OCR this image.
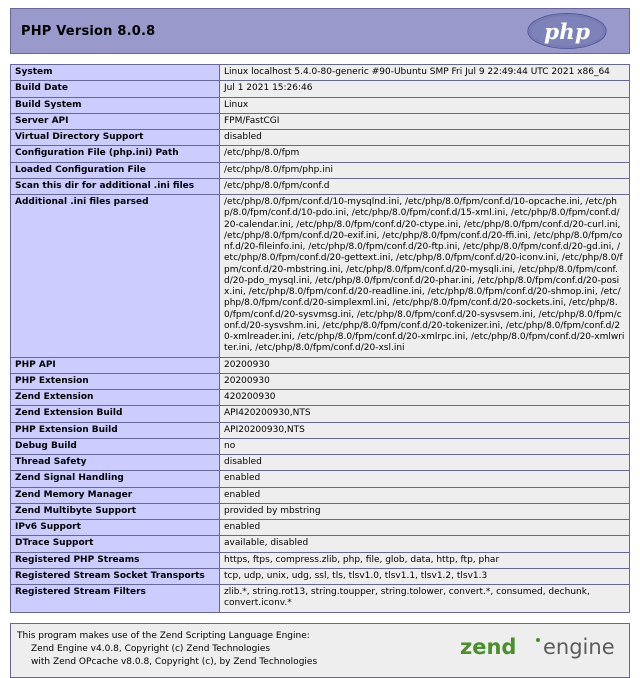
PHP Version 8.0.8	php
System	Linux localhost 5.4.0-80-generic #90-Ubuntu SMP Fri Jul 9 22:49:44 UTC 2021 x86_64
Build Date	Jul 1 2021 15:26:46
Build System	Linux
Server API	FPM/FastCGI
Virtual Directory Support	disabled
Configuration File (php.ini) Path	/etc/php/8.0/fpm
Loaded Configuration File	/etc/php/8.0/fpm/php.ini
Scan this dir for additional .ini files	/etc/php/8.0/fpm/conf.d
Additional .ini files parsed	/etc/php/8.0/fpm/conf.d/10-mysqlnd.ini, /etc/php/8.0/fpm/conf.d/10-opcache.ini, /etc/php/8.0/fpm/conf.d/10-pdo.ini, /etc/php/8.0/fpm/conf.d/15-xml.ini, /etc/php/8.0/fpm/conf.d/20-calendar.ini, /etc/php/8.0/fpm/conf.d/20-ctype.ini, /etc/php/8.0/fpm/conf.d/20-curl.ini, /etc/php/8.0/fpm/conf.d/20-exif.ini, /etc/php/8.0/fpm/conf.d/20-ffi.ini, /etc/php/8.0/fpm/conf.d/20-fileinfo.ini, /etc/php/8.0/fpm/conf.d/20-ftp.ini, /etc/php/8.0/fpm/conf.d/20-gd.ini, /etc/php/8.0/fpm/conf.d/20-gettext.ini, /etc/php/8.0/fpm/conf.d/20-iconv.ini, /etc/php/8.0/fpm/conf.d/20-mbstring.ini, /etc/php/8.0/fpm/conf.d/20-mysqli.ini, /etc/php/8.0/fpm/conf.d/20-pdo_mysql.ini, /etc/php/8.0/fpm/conf.d/20-phar.ini, /etc/php/8.0/fpm/conf.d/20-posix.ini, /etc/php/8.0/fpm/conf.d/20-readline.ini, /etc/php/8.0/fpm/conf.d/20-shmop.ini, /etc/php/8.0/fpm/conf.d/20-simplexml.ini, /etc/php/8.0/fpm/conf.d/20-sockets.ini, /etc/php/8.0/fpm/conf.d/20-sysvmsg.ini, /etc/php/8.0/fpm/conf.d/20-sysvsem.ini, /etc/php/8.0/fpm/conf.d/20-sysvshm.ini, /etc/php/8.0/fpm/conf.d/20-tokenizer.ini, /etc/php/8.0/fpm/conf.d/20-xmlreader.ini, /etc/php/8.0/fpm/conf.d/20-xmlrpc.ini, /etc/php/8.0/fpm/conf.d/20-xmlwriter.ini, /etc/php/8.0/fpm/conf.d/20-xsl.ini
PHP API	20200930
PHP Extension	20200930
Zend Extension	420200930
Zend Extension Build	API420200930,NTS
PHP Extension Build	API20200930,NTS
Debug Build	no
Thread Safety	disabled
Zend Signal Handling	enabled
Zend Memory Manager	enabled
Zend Multibyte Support	provided by mbstring
IPv6 Support	enabled
DTrace Support	available, disabled
Registered PHP Streams	https, ftps, compress.zlib, php, file, glob, data, http, ftp, phar
Registered Stream Socket Transports	tcp, udp, unix, udg, ssl, tls, tlsv1.0, tlsv1.1, tlsv1.2, tlsv1.3
Registered Stream Filters	zlib.*, string.rot13, string.toupper, string.tolower, convert.*, consumed, dechunk, convert.iconv.*
This program makes use of the Zend Scripting Language Engine:
Zend Engine v4.0.8, Copyright (c) Zend Technologies
with Zend OPcache v8.0.8, Copyright (c), by Zend Technologies
zend engine
